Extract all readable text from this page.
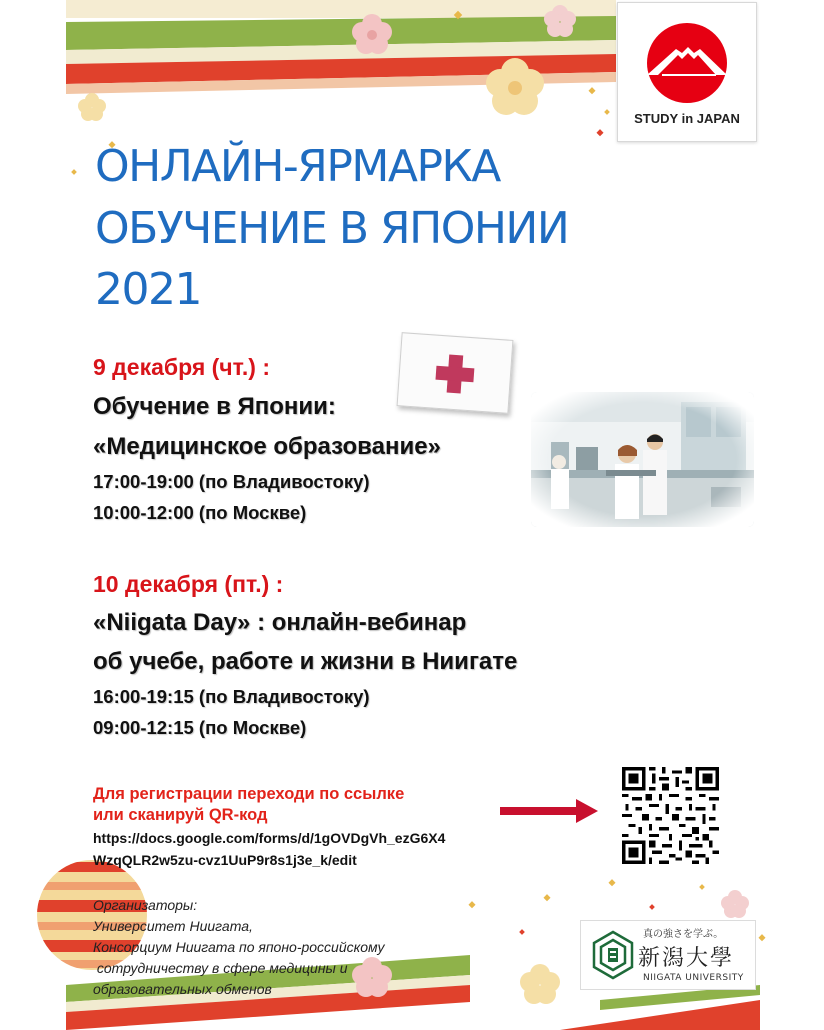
STUDY in JAPAN
ОНЛАЙН-ЯРМАРКА
ОБУЧЕНИЕ В ЯПОНИИ
2021
9 декабря (чт.) :
Обучение в Японии:
«Медицинское образование»
17:00-19:00 (по Владивостоку)
10:00-12:00 (по Москве)
10 декабря (пт.) :
«Niigata Day» : онлайн-вебинар
об учебе, работе и жизни в Ниигате
16:00-19:15 (по Владивостоку)
09:00-12:15 (по Москве)
Для регистрации переходи по ссылке
или сканируй QR-код
https://docs.google.com/forms/d/1gOVDgVh_ezG6X4
WzqQLR2w5zu-cvz1UuP9r8s1j3e_k/edit
Организаторы:
Университет Ниигата,
Консорциум Ниигата по японо-российскому
сотрудничеству в сфере медицины и
образовательных обменов
真の強さを学ぶ。
新潟大學
NIIGATA UNIVERSITY
